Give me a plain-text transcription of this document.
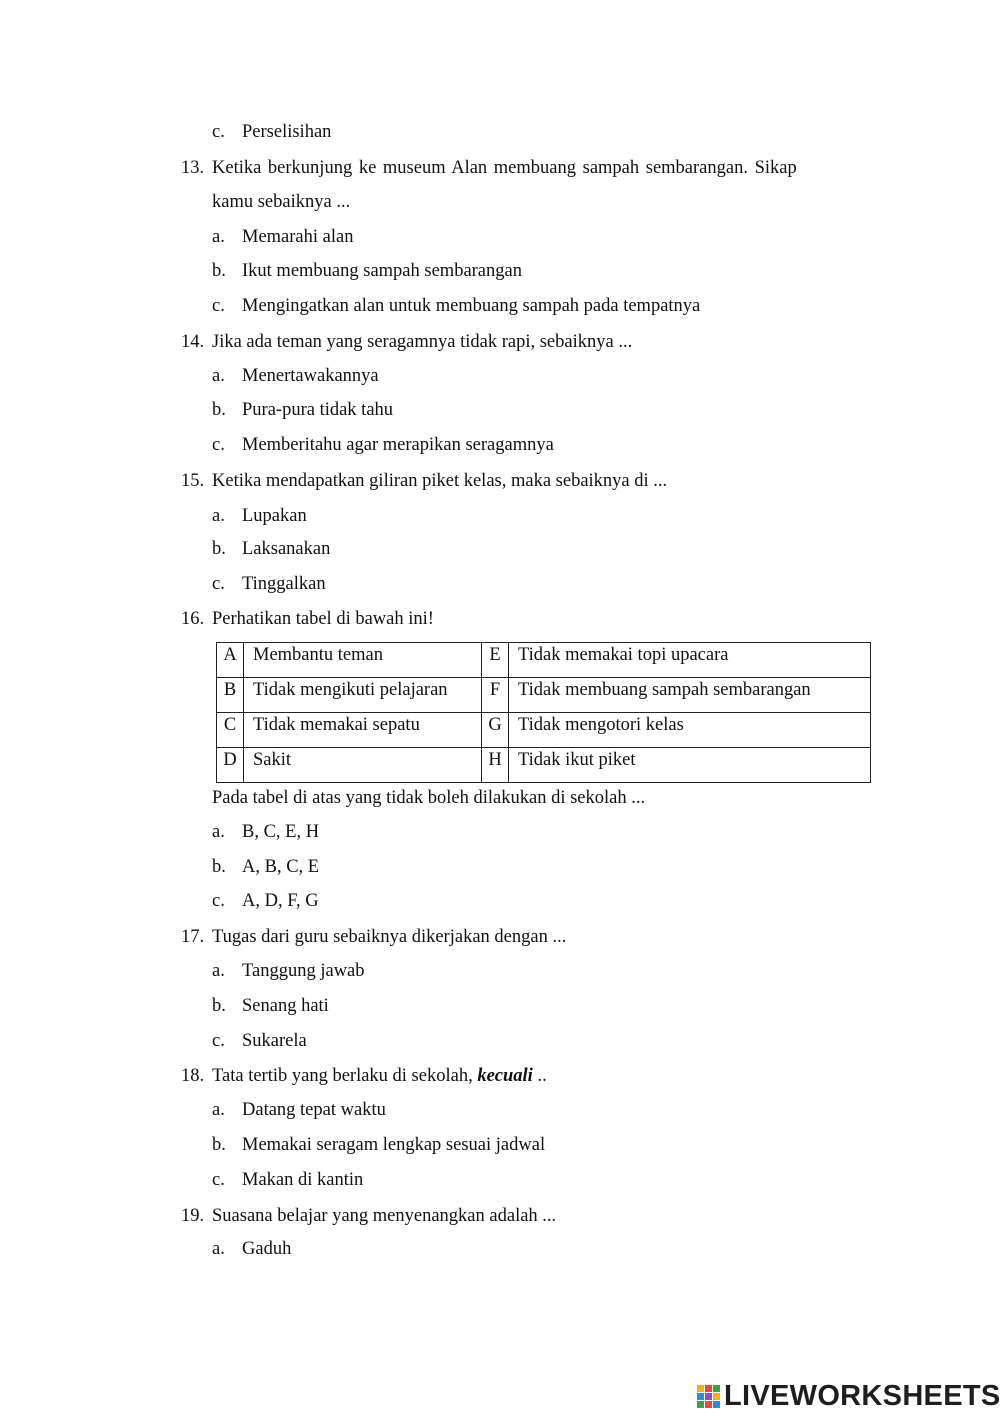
c. Perselisihan
13. Ketika berkunjung ke museum Alan membuang sampah sembarangan. Sikap
kamu sebaiknya ...
a. Memarahi alan
b. Ikut membuang sampah sembarangan
c. Mengingatkan alan untuk membuang sampah pada tempatnya
14. Jika ada teman yang seragamnya tidak rapi, sebaiknya ...
a. Menertawakannya
b. Pura-pura tidak tahu
c. Memberitahu agar merapikan seragamnya
15. Ketika mendapatkan giliran piket kelas, maka sebaiknya di ...
a. Lupakan
b. Laksanakan
c. Tinggalkan
16. Perhatikan tabel di bawah ini!
A	Membantu teman	E	Tidak memakai topi upacara
B	Tidak mengikuti pelajaran	F	Tidak membuang sampah sembarangan
C	Tidak memakai sepatu	G	Tidak mengotori kelas
D	Sakit	H	Tidak ikut piket
Pada tabel di atas yang tidak boleh dilakukan di sekolah ...
a. B, C, E, H
b. A, B, C, E
c. A, D, F, G
17. Tugas dari guru sebaiknya dikerjakan dengan ...
a. Tanggung jawab
b. Senang hati
c. Sukarela
18. Tata tertib yang berlaku di sekolah, kecuali ..
a. Datang tepat waktu
b. Memakai seragam lengkap sesuai jadwal
c. Makan di kantin
19. Suasana belajar yang menyenangkan adalah ...
a. Gaduh
LIVEWORKSHEETS
